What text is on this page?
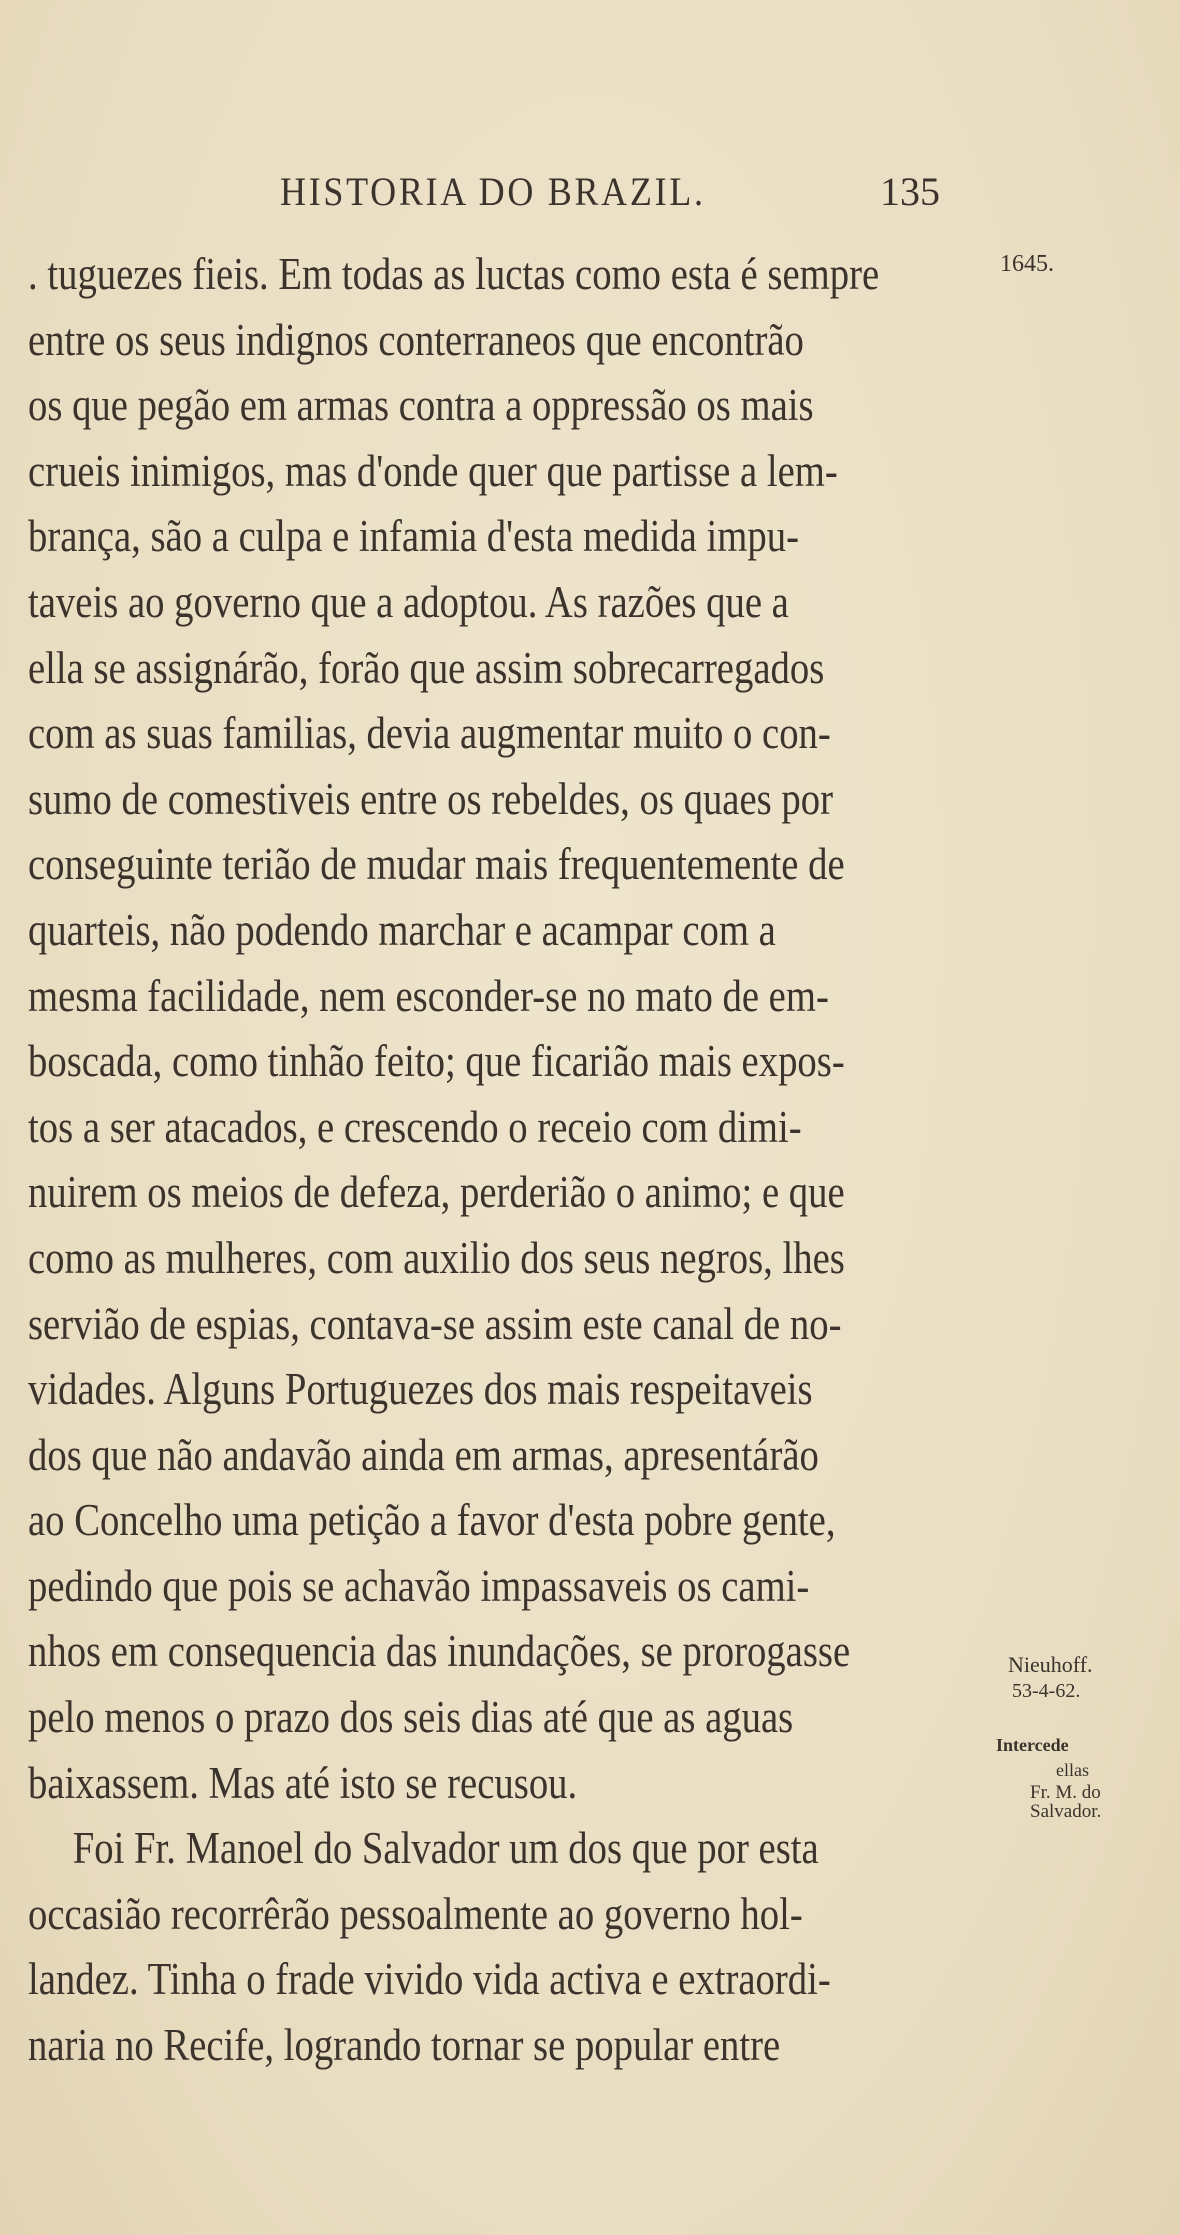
HISTORIA DO BRAZIL.	135
. tuguezes fieis. Em todas as luctas como esta é sempre
entre os seus indignos conterraneos que encontrão
os que pegão em armas contra a oppressão os mais
crueis inimigos, mas d'onde quer que partisse a lem-
brança, são a culpa e infamia d'esta medida impu-
taveis ao governo que a adoptou. As razões que a
ella se assignárão, forão que assim sobrecarregados
com as suas familias, devia augmentar muito o con-
sumo de comestiveis entre os rebeldes, os quaes por
conseguinte terião de mudar mais frequentemente de
quarteis, não podendo marchar e acampar com a
mesma facilidade, nem esconder-se no mato de em-
boscada, como tinhão feito; que ficarião mais expos-
tos a ser atacados, e crescendo o receio com dimi-
nuirem os meios de defeza, perderião o animo; e que
como as mulheres, com auxilio dos seus negros, lhes
servião de espias, contava-se assim este canal de no-
vidades. Alguns Portuguezes dos mais respeitaveis
dos que não andavão ainda em armas, apresentárão
ao Concelho uma petição a favor d'esta pobre gente,
pedindo que pois se achavão impassaveis os cami-
nhos em consequencia das inundações, se prorogasse
pelo menos o prazo dos seis dias até que as aguas
baixassem. Mas até isto se recusou.
Foi Fr. Manoel do Salvador um dos que por esta
occasião recorrêrão pessoalmente ao governo hol-
landez. Tinha o frade vivido vida activa e extraordi-
naria no Recife, logrando tornar se popular entre
1645.
Nieuhoff.
53-4-62.
Intercede
ellas
Fr. M. do
Salvador.
